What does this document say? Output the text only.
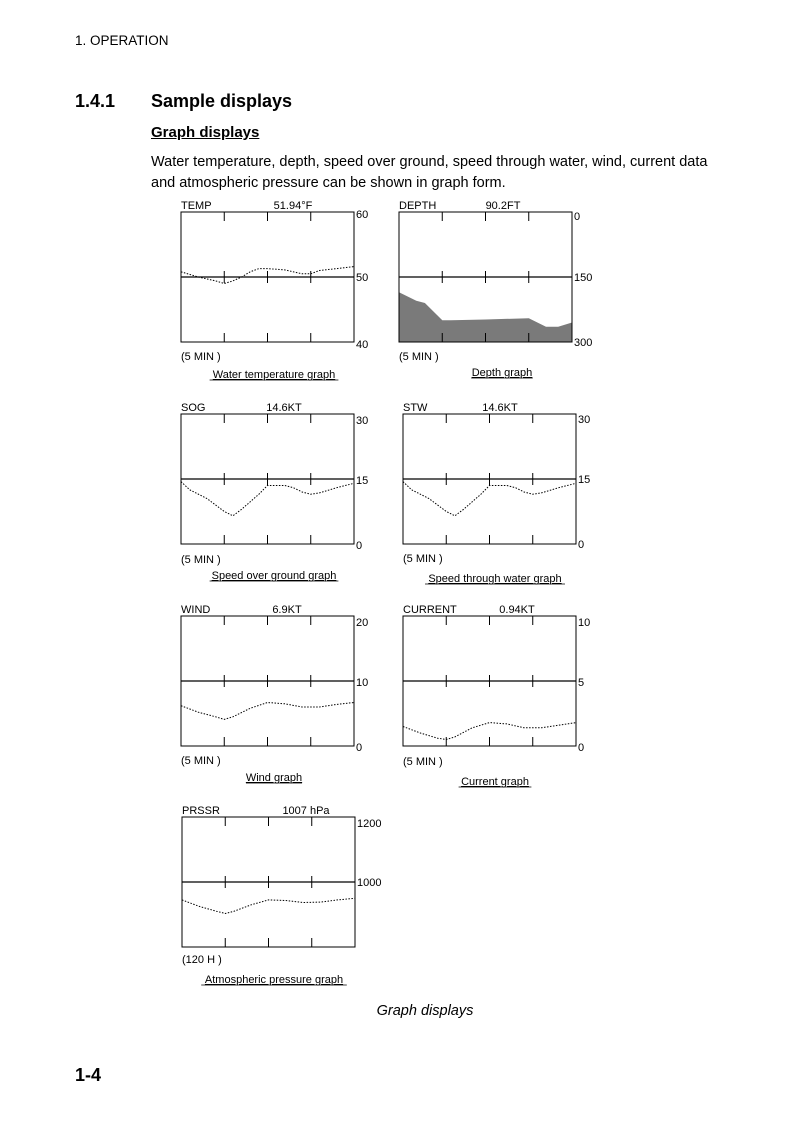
1. OPERATION
1.4.1 Sample displays
Graph displays
Water temperature, depth, speed over ground, speed through water, wind, current data and atmospheric pressure can be shown in graph form.
TEMP	51.94°F
60
50
40
(5 MIN )
Water temperature graph
DEPTH	90.2FT
0
150
300
(5 MIN )
Depth graph
SOG	14.6KT
30
15
0
(5 MIN )
Speed over ground graph
STW	14.6KT
30
15
0
(5 MIN )
Speed through water graph
WIND	6.9KT
20
10
0
(5 MIN )
Wind graph
CURRENT	0.94KT
10
5
0
(5 MIN )
Current graph
PRSSR	1007 hPa
1200
1000
(120 H )
Atmospheric pressure graph
Graph displays
1-4
